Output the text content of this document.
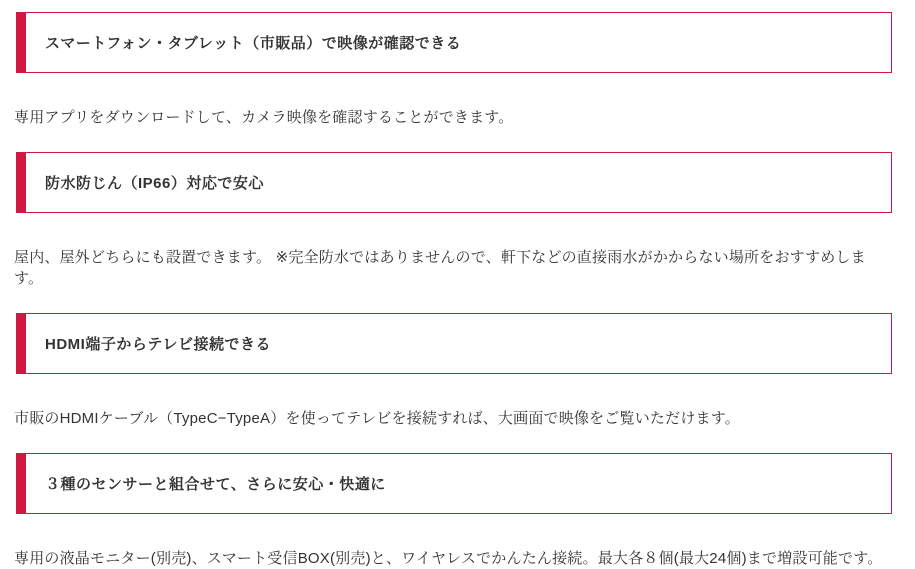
スマートフォン・タブレット（市販品）で映像が確認できる

専用アプリをダウンロードして、カメラ映像を確認することができます。

防水防じん（IP66）対応で安心

屋内、屋外どちらにも設置できます。 ※完全防水ではありませんので、軒下などの直接雨水がかからない場所をおすすめします。

HDMI端子からテレビ接続できる

市販のHDMIケーブル（TypeC−TypeA）を使ってテレビを接続すれば、大画面で映像をご覧いただけます。

３種のセンサーと組合せて、さらに安心・快適に

専用の液晶モニター(別売)、スマート受信BOX(別売)と、ワイヤレスでかんたん接続。最大各８個(最大24個)まで増設可能です。
